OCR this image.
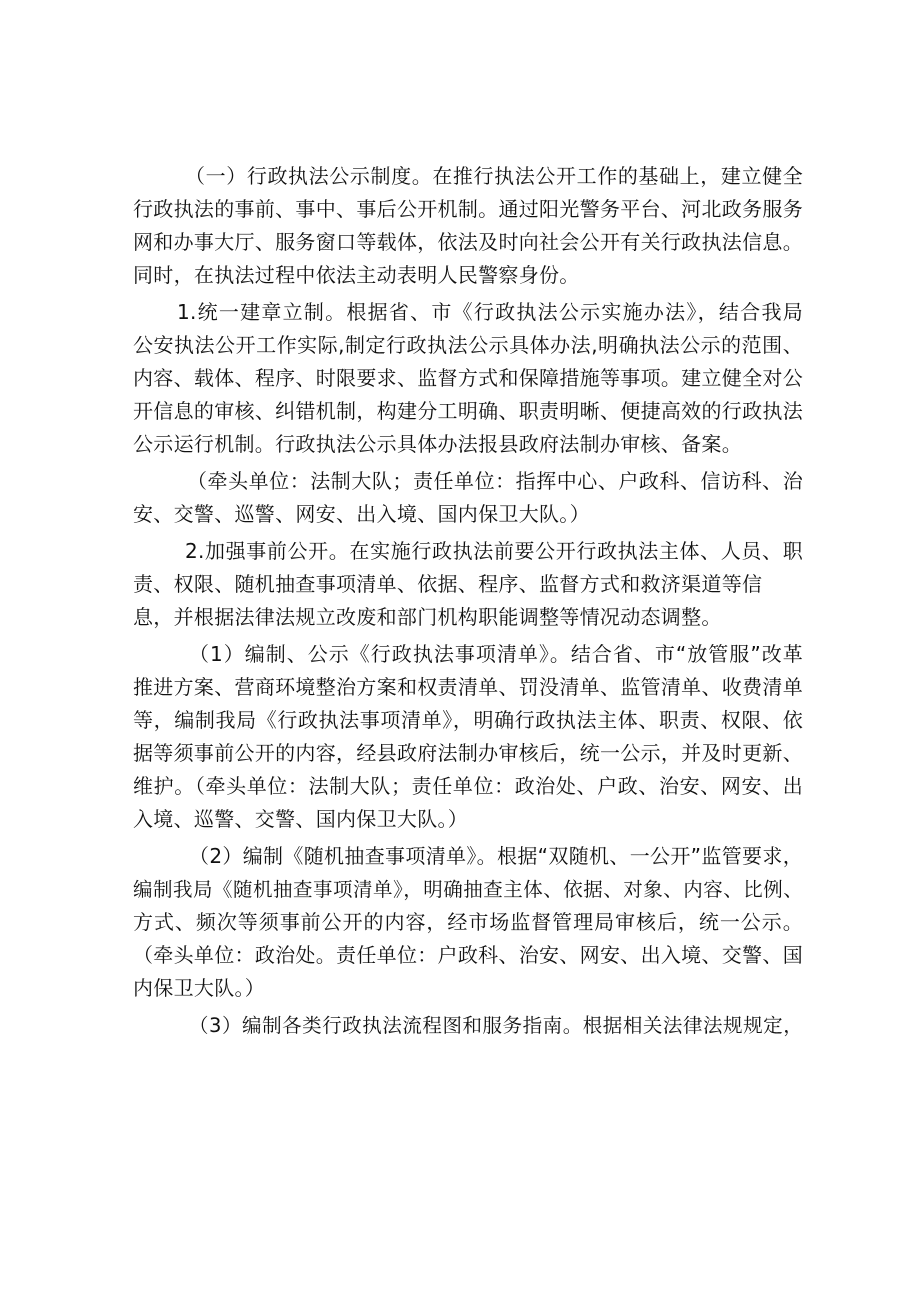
（一）行政执法公示制度。在推行执法公开工作的基础上，建立健全
行政执法的事前、事中、事后公开机制。通过阳光警务平台、河北政务服务
网和办事大厅、服务窗口等载体，依法及时向社会公开有关行政执法信息。
同时，在执法过程中依法主动表明人民警察身份。
1.统一建章立制。根据省、市《行政执法公示实施办法》，结合我局
公安执法公开工作实际,制定行政执法公示具体办法,明确执法公示的范围、
内容、载体、程序、时限要求、监督方式和保障措施等事项。建立健全对公
开信息的审核、纠错机制，构建分工明确、职责明晰、便捷高效的行政执法
公示运行机制。行政执法公示具体办法报县政府法制办审核、备案。
（牵头单位：法制大队；责任单位：指挥中心、户政科、信访科、治
安、交警、巡警、网安、出入境、国内保卫大队。）
2.加强事前公开。在实施行政执法前要公开行政执法主体、人员、职
责、权限、随机抽查事项清单、依据、程序、监督方式和救济渠道等信
息，并根据法律法规立改废和部门机构职能调整等情况动态调整。
（1）编制、公示《行政执法事项清单》。结合省、市“放管服”改革
推进方案、营商环境整治方案和权责清单、罚没清单、监管清单、收费清单
等，编制我局《行政执法事项清单》，明确行政执法主体、职责、权限、依
据等须事前公开的内容，经县政府法制办审核后，统一公示，并及时更新、
维护。（牵头单位：法制大队；责任单位：政治处、户政、治安、网安、出
入境、巡警、交警、国内保卫大队。）
（2）编制《随机抽查事项清单》。根据“双随机、一公开”监管要求，
编制我局《随机抽查事项清单》，明确抽查主体、依据、对象、内容、比例、
方式、频次等须事前公开的内容，经市场监督管理局审核后，统一公示。
（牵头单位：政治处。责任单位：户政科、治安、网安、出入境、交警、国
内保卫大队。）
（3）编制各类行政执法流程图和服务指南。根据相关法律法规规定，
